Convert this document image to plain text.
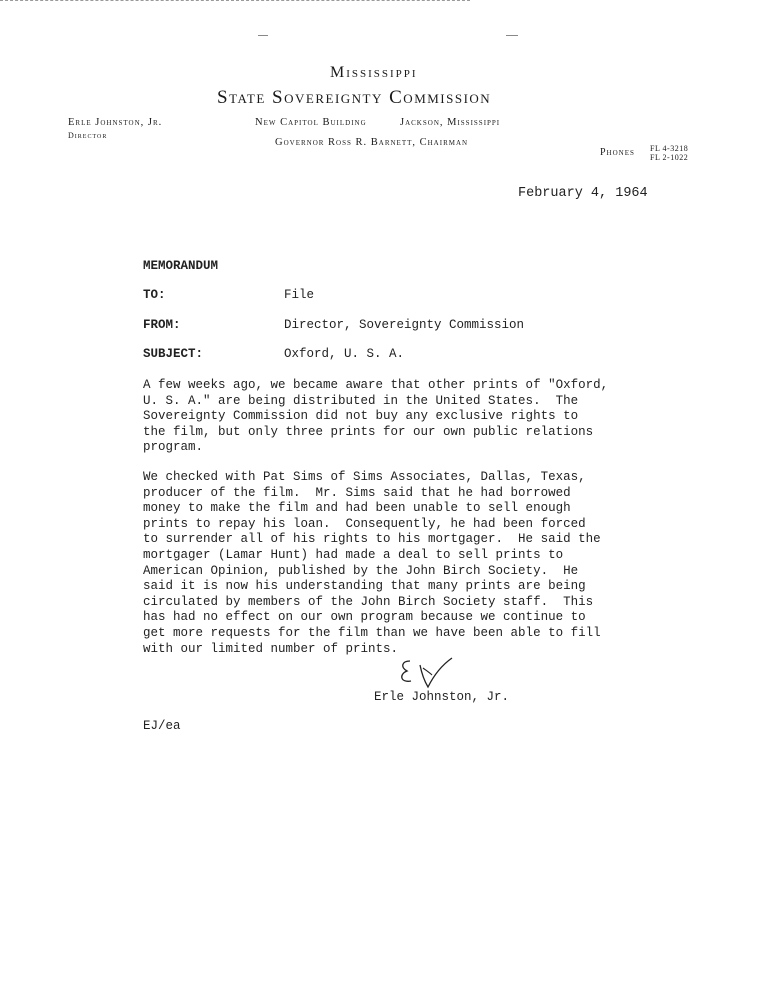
Mississippi
State Sovereignty Commission
Erle Johnston, Jr.
Director
New Capitol Building	Jackson, Mississippi
Governor Ross R. Barnett, Chairman
Phones FL 4-3218
FL 2-1022
February 4, 1964
MEMORANDUM
TO:	File
FROM:	Director, Sovereignty Commission
SUBJECT:	Oxford, U. S. A.
A few weeks ago, we became aware that other prints of "Oxford,
U. S. A." are being distributed in the United States.  The
Sovereignty Commission did not buy any exclusive rights to
the film, but only three prints for our own public relations
program.
We checked with Pat Sims of Sims Associates, Dallas, Texas,
producer of the film.  Mr. Sims said that he had borrowed
money to make the film and had been unable to sell enough
prints to repay his loan.  Consequently, he had been forced
to surrender all of his rights to his mortgager.  He said the
mortgager (Lamar Hunt) had made a deal to sell prints to
American Opinion, published by the John Birch Society.  He
said it is now his understanding that many prints are being
circulated by members of the John Birch Society staff.  This
has had no effect on our own program because we continue to
get more requests for the film than we have been able to fill
with our limited number of prints.
Erle Johnston, Jr.
EJ/ea
